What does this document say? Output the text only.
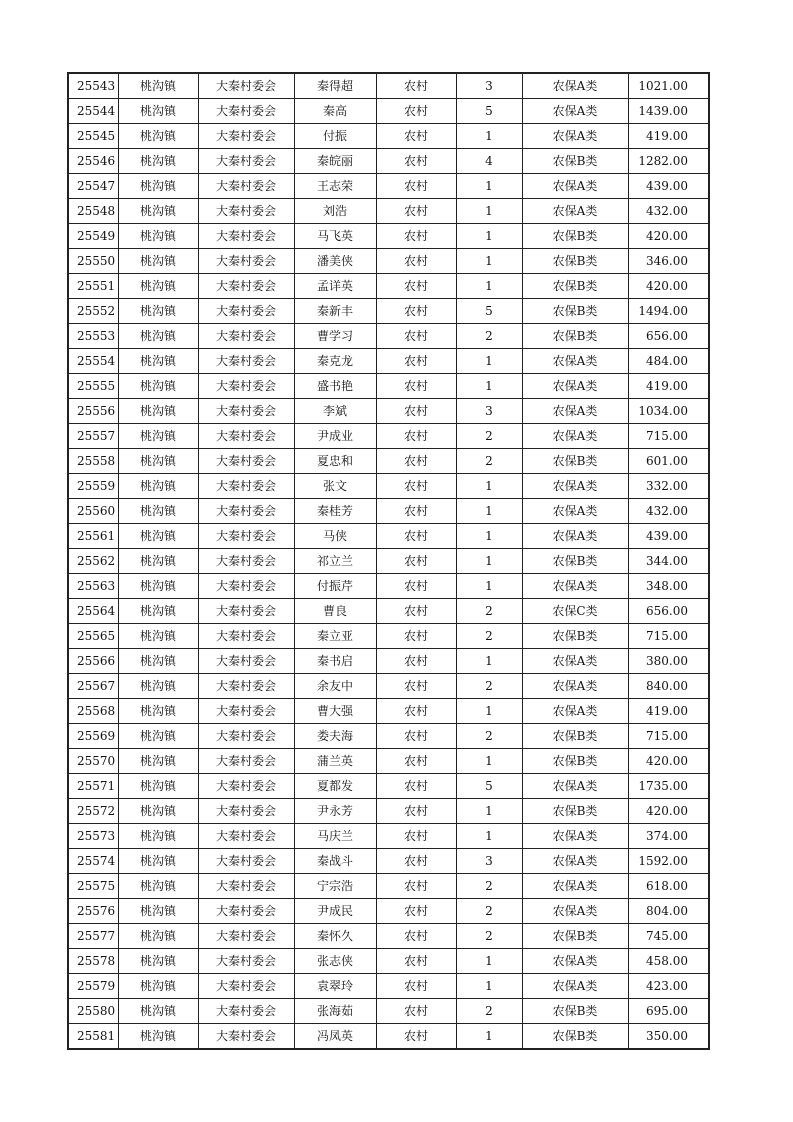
25543	桃沟镇	大秦村委会	秦得超	农村	3	农保A类	1021.00
25544	桃沟镇	大秦村委会	秦高	农村	5	农保A类	1439.00
25545	桃沟镇	大秦村委会	付振	农村	1	农保A类	419.00
25546	桃沟镇	大秦村委会	秦皖丽	农村	4	农保B类	1282.00
25547	桃沟镇	大秦村委会	王志荣	农村	1	农保A类	439.00
25548	桃沟镇	大秦村委会	刘浩	农村	1	农保A类	432.00
25549	桃沟镇	大秦村委会	马飞英	农村	1	农保B类	420.00
25550	桃沟镇	大秦村委会	潘美侠	农村	1	农保B类	346.00
25551	桃沟镇	大秦村委会	孟详英	农村	1	农保B类	420.00
25552	桃沟镇	大秦村委会	秦新丰	农村	5	农保B类	1494.00
25553	桃沟镇	大秦村委会	曹学习	农村	2	农保B类	656.00
25554	桃沟镇	大秦村委会	秦克龙	农村	1	农保A类	484.00
25555	桃沟镇	大秦村委会	盛书艳	农村	1	农保A类	419.00
25556	桃沟镇	大秦村委会	李斌	农村	3	农保A类	1034.00
25557	桃沟镇	大秦村委会	尹成业	农村	2	农保A类	715.00
25558	桃沟镇	大秦村委会	夏忠和	农村	2	农保B类	601.00
25559	桃沟镇	大秦村委会	张文	农村	1	农保A类	332.00
25560	桃沟镇	大秦村委会	秦桂芳	农村	1	农保A类	432.00
25561	桃沟镇	大秦村委会	马侠	农村	1	农保A类	439.00
25562	桃沟镇	大秦村委会	祁立兰	农村	1	农保B类	344.00
25563	桃沟镇	大秦村委会	付振芹	农村	1	农保A类	348.00
25564	桃沟镇	大秦村委会	曹良	农村	2	农保C类	656.00
25565	桃沟镇	大秦村委会	秦立亚	农村	2	农保B类	715.00
25566	桃沟镇	大秦村委会	秦书启	农村	1	农保A类	380.00
25567	桃沟镇	大秦村委会	余友中	农村	2	农保A类	840.00
25568	桃沟镇	大秦村委会	曹大强	农村	1	农保A类	419.00
25569	桃沟镇	大秦村委会	娄夫海	农村	2	农保B类	715.00
25570	桃沟镇	大秦村委会	蒲兰英	农村	1	农保B类	420.00
25571	桃沟镇	大秦村委会	夏都发	农村	5	农保A类	1735.00
25572	桃沟镇	大秦村委会	尹永芳	农村	1	农保B类	420.00
25573	桃沟镇	大秦村委会	马庆兰	农村	1	农保A类	374.00
25574	桃沟镇	大秦村委会	秦战斗	农村	3	农保A类	1592.00
25575	桃沟镇	大秦村委会	宁宗浩	农村	2	农保A类	618.00
25576	桃沟镇	大秦村委会	尹成民	农村	2	农保A类	804.00
25577	桃沟镇	大秦村委会	秦怀久	农村	2	农保B类	745.00
25578	桃沟镇	大秦村委会	张志侠	农村	1	农保A类	458.00
25579	桃沟镇	大秦村委会	袁翠玲	农村	1	农保A类	423.00
25580	桃沟镇	大秦村委会	张海茹	农村	2	农保B类	695.00
25581	桃沟镇	大秦村委会	冯凤英	农村	1	农保B类	350.00
